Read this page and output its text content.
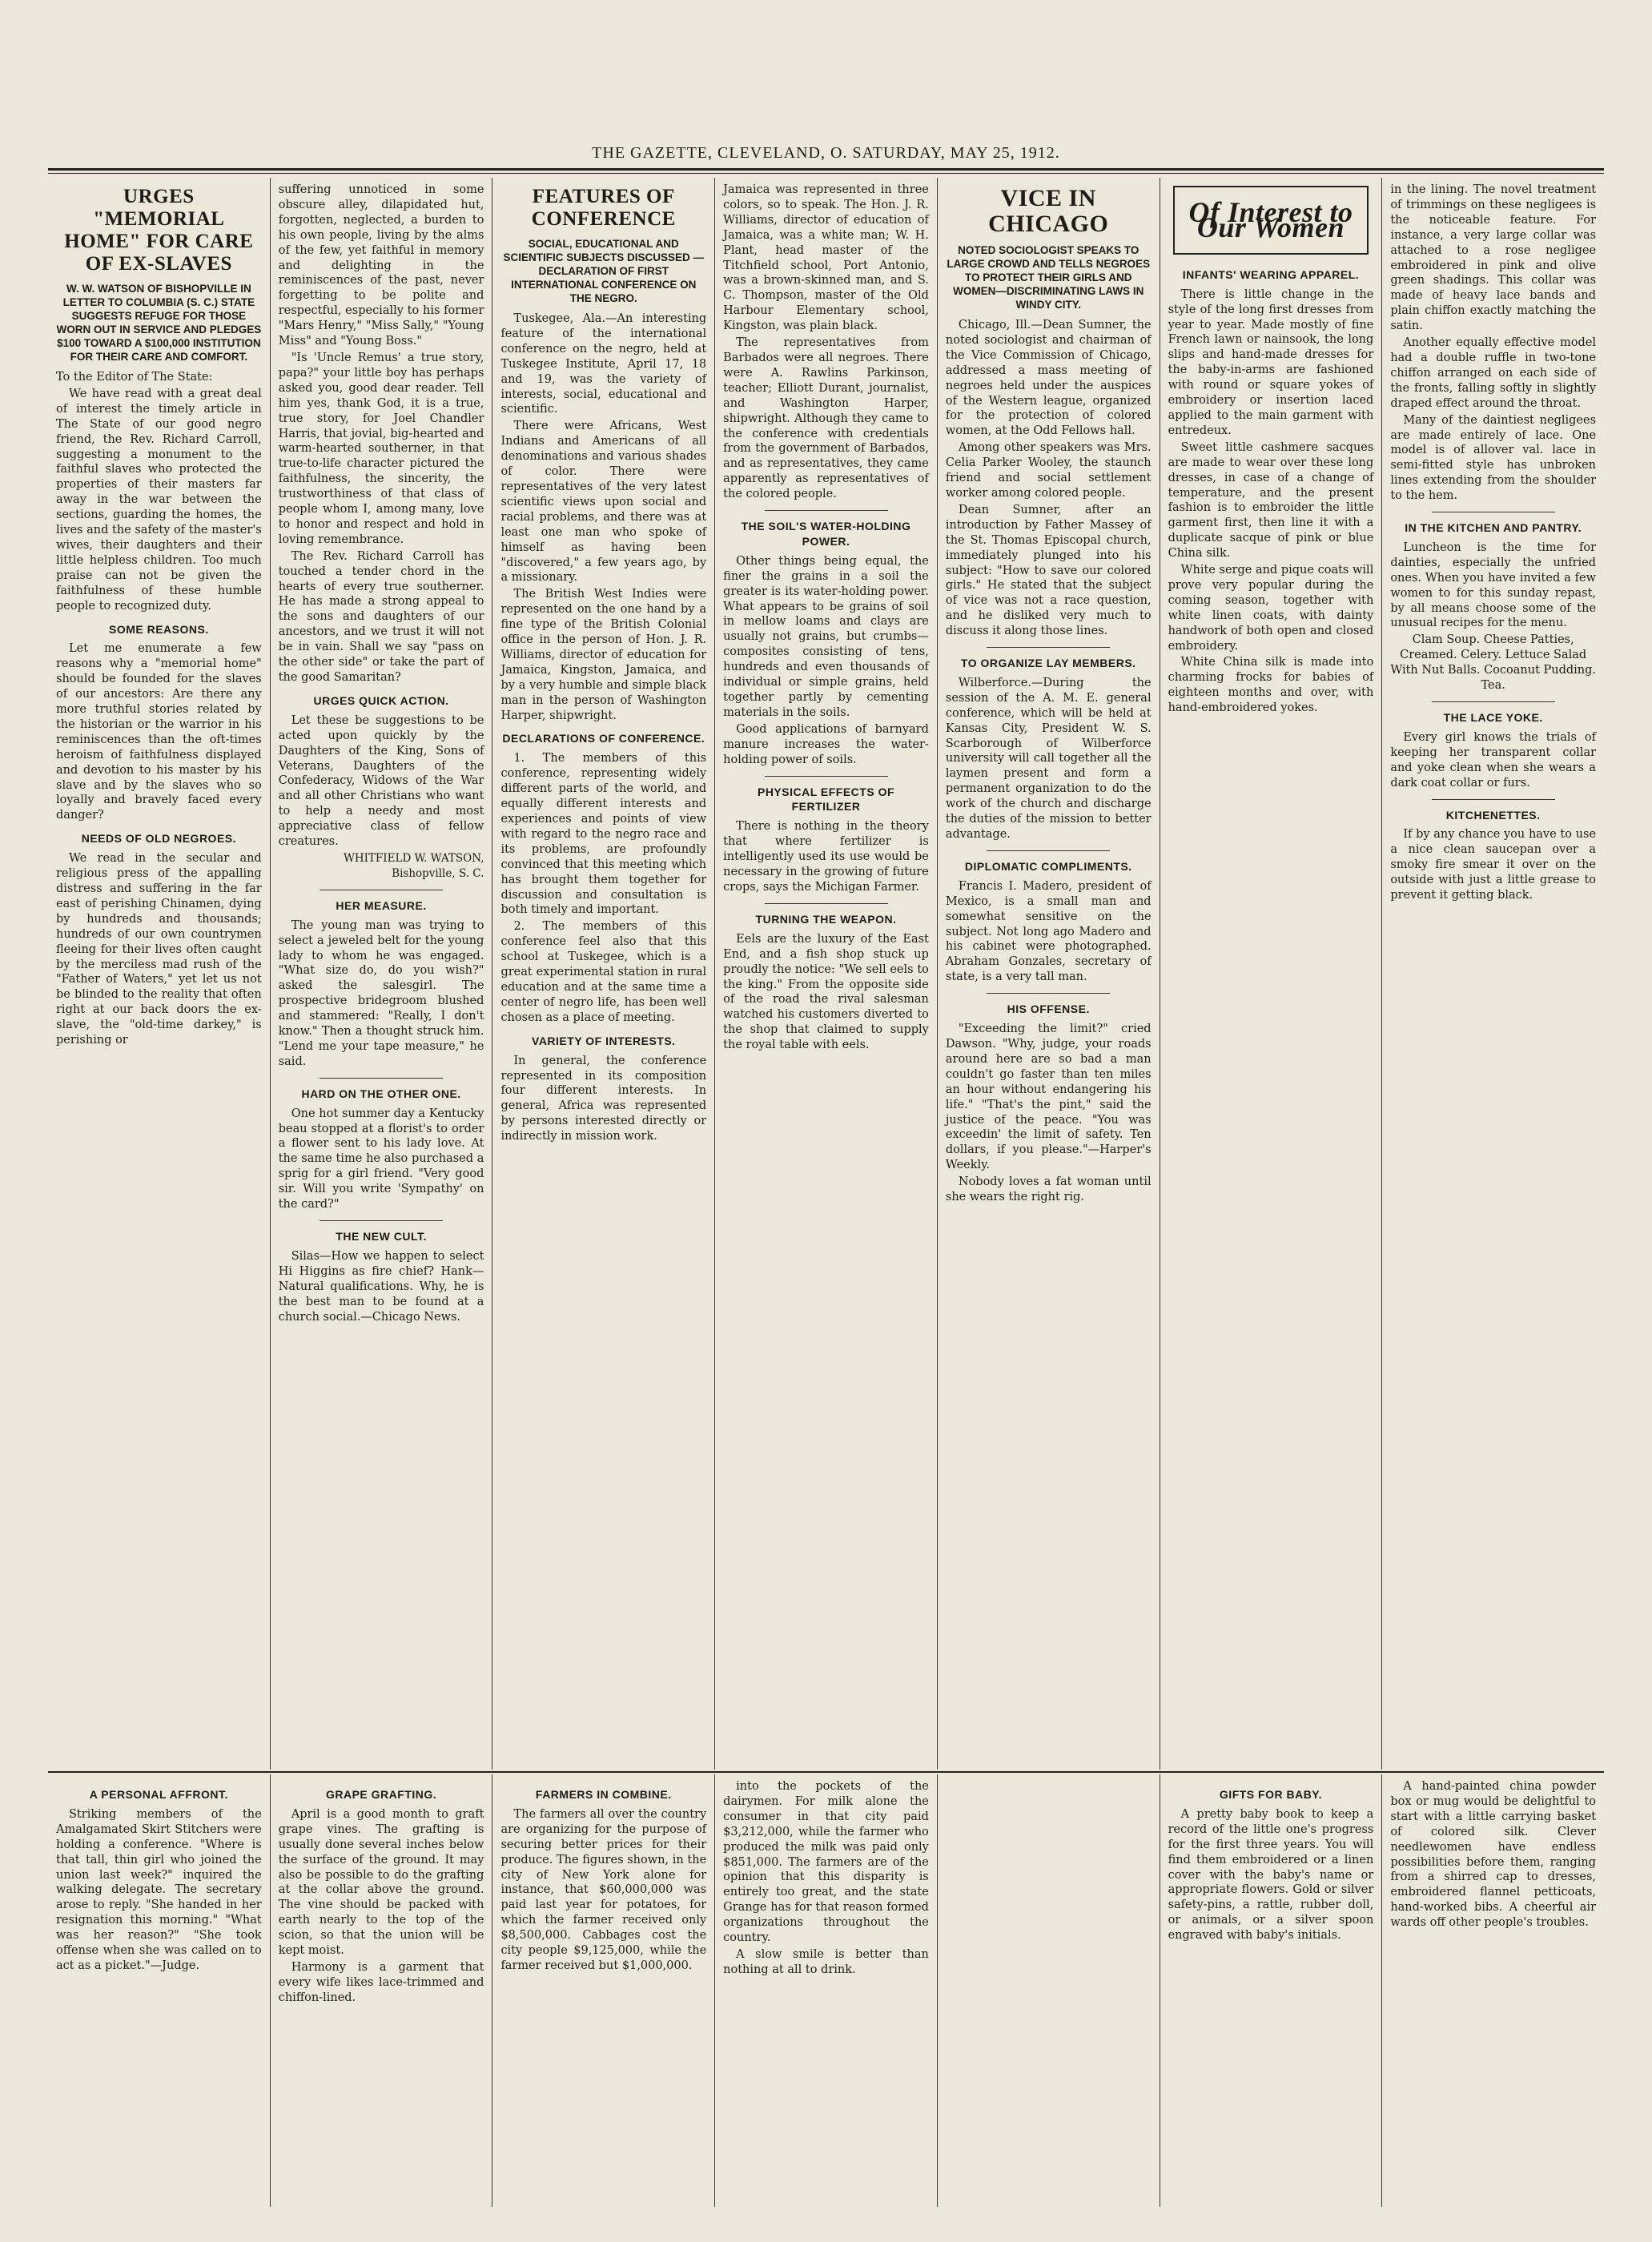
THE GAZETTE, CLEVELAND, O. SATURDAY, MAY 25, 1912.
URGES "MEMORIAL HOME" FOR CARE OF EX-SLAVES
W. W. WATSON OF BISHOPVILLE IN LETTER TO COLUMBIA (S. C.) STATE SUGGESTS REFUGE FOR THOSE WORN OUT IN SERVICE AND PLEDGES $100 TOWARD A $100,000 INSTITUTION FOR THEIR CARE AND COMFORT.

To the Editor of The State:

We have read with a great deal of interest the timely article in The State of our good negro friend, the Rev. Richard Carroll, suggesting a monument to the faithful slaves who protected the properties of their masters far away in the war between the sections, guarding the homes, the lives and the safety of the master's wives, their daughters and their little helpless children. Too much praise can not be given the faithfulness of these humble people to recognized duty.

SOME REASONS.

Let me enumerate a few reasons why a "memorial home" should be founded for the slaves of our ancestors: Are there any more truthful stories related by the historian or the warrior in his reminiscences than the oft-times heroism of faithfulness displayed and devotion to his master by his slave and by the slaves who so loyally and bravely faced every danger?

NEEDS OF OLD NEGROES.

We read in the secular and religious press of the appalling distress and suffering in the far east of perishing Chinamen, dying by hundreds and thousands; hundreds of our own countrymen fleeing for their lives often caught by the merciless mad rush of the "Father of Waters," yet let us not be blinded to the reality that often right at our back doors the ex-slave, the "old-time darkey," is perishing or

suffering unnoticed in some obscure alley, dilapidated hut, forgotten, neglected, a burden to his own people, living by the alms of the few, yet faithful in memory and delighting in the reminiscences of the past, never forgetting to be polite and respectful, especially to his former "Mars Henry," "Miss Sally," "Young Miss" and "Young Boss."

"Is 'Uncle Remus' a true story, papa?" your little boy has perhaps asked you, good dear reader. Tell him yes, thank God, it is a true, true story, for Joel Chandler Harris, that jovial, big-hearted and warm-hearted southerner, in that true-to-life character pictured the faithfulness, the sincerity, the trustworthiness of that class of people whom I, among many, love to honor and respect and hold in loving remembrance.

The Rev. Richard Carroll has touched a tender chord in the hearts of every true southerner. He has made a strong appeal to the sons and daughters of our ancestors, and we trust it will not be in vain. Shall we say "pass on the other side" or take the part of the good Samaritan?

URGES QUICK ACTION.

Let these be suggestions to be acted upon quickly by the Daughters of the King, Sons of Veterans, Daughters of the Confederacy, Widows of the War and all other Christians who want to help a needy and most appreciative class of fellow creatures.

WHITFIELD W. WATSON, Bishopville, S. C.
HER MEASURE.

The young man was trying to select a jeweled belt for the young lady to whom he was engaged. "What size do, do you wish?" asked the salesgirl. The prospective bridegroom blushed and stammered: "Really, I don't know." Then a thought struck him. "Lend me your tape measure," he said.

HARD ON THE OTHER ONE.

One hot summer day a Kentucky beau stopped at a florist's to order a flower sent to his lady love. At the same time he also purchased a sprig for a girl friend. "Very good sir. Will you write 'Sympathy' on the card?"

THE NEW CULT.

Silas—How we happen to select Hi Higgins as fire chief? Hank—Natural qualifications. Why, he is the best man to be found at a church social.—Chicago News.

FEATURES OF CONFERENCE
SOCIAL, EDUCATIONAL AND SCIENTIFIC SUBJECTS DISCUSSED — DECLARATION OF FIRST INTERNATIONAL CONFERENCE ON THE NEGRO.

Tuskegee, Ala.—An interesting feature of the international conference on the negro, held at Tuskegee Institute, April 17, 18 and 19, was the variety of interests, social, educational and scientific.

There were Africans, West Indians and Americans of all denominations and various shades of color. There were representatives of the very latest scientific views upon social and racial problems, and there was at least one man who spoke of himself as having been "discovered," a few years ago, by a missionary.

The British West Indies were represented on the one hand by a fine type of the British Colonial office in the person of Hon. J. R. Williams, director of education for Jamaica, Kingston, Jamaica, and by a very humble and simple black man in the person of Washington Harper, shipwright.

DECLARATIONS OF CONFERENCE.

1. The members of this conference, representing widely different parts of the world, and equally different interests and experiences and points of view with regard to the negro race and its problems, are profoundly convinced that this meeting which has brought them together for discussion and consultation is both timely and important.

2. The members of this conference feel also that this school at Tuskegee, which is a great experimental station in rural education and at the same time a center of negro life, has been well chosen as a place of meeting.

VARIETY OF INTERESTS.

In general, the conference represented in its composition four different interests. In general, Africa was represented by persons interested directly or indirectly in mission work.

Jamaica was represented in three colors, so to speak. The Hon. J. R. Williams, director of education of Jamaica, was a white man; W. H. Plant, head master of the Titchfield school, Port Antonio, was a brown-skinned man, and S. C. Thompson, master of the Old Harbour Elementary school, Kingston, was plain black.

The representatives from Barbados were all negroes. There were A. Rawlins Parkinson, teacher; Elliott Durant, journalist, and Washington Harper, shipwright. Although they came to the conference with credentials from the government of Barbados, and as representatives, they came apparently as representatives of the colored people.

THE SOIL'S WATER-HOLDING POWER.

Other things being equal, the finer the grains in a soil the greater is its water-holding power. What appears to be grains of soil in mellow loams and clays are usually not grains, but crumbs—composites consisting of tens, hundreds and even thousands of individual or simple grains, held together partly by cementing materials in the soils.

Good applications of barnyard manure increases the water-holding power of soils.

PHYSICAL EFFECTS OF FERTILIZER

There is nothing in the theory that where fertilizer is intelligently used its use would be necessary in the growing of future crops, says the Michigan Farmer.

TURNING THE WEAPON.

Eels are the luxury of the East End, and a fish shop stuck up proudly the notice: "We sell eels to the king." From the opposite side of the road the rival salesman watched his customers diverted to the shop that claimed to supply the royal table with eels.

VICE IN CHICAGO
NOTED SOCIOLOGIST SPEAKS TO LARGE CROWD AND TELLS NEGROES TO PROTECT THEIR GIRLS AND WOMEN—DISCRIMINATING LAWS IN WINDY CITY.

Chicago, Ill.—Dean Sumner, the noted sociologist and chairman of the Vice Commission of Chicago, addressed a mass meeting of negroes held under the auspices of the Western league, organized for the protection of colored women, at the Odd Fellows hall.

Among other speakers was Mrs. Celia Parker Wooley, the staunch friend and social settlement worker among colored people.

Dean Sumner, after an introduction by Father Massey of the St. Thomas Episcopal church, immediately plunged into his subject: "How to save our colored girls." He stated that the subject of vice was not a race question, and he disliked very much to discuss it along those lines.

TO ORGANIZE LAY MEMBERS.

Wilberforce.—During the session of the A. M. E. general conference, which will be held at Kansas City, President W. S. Scarborough of Wilberforce university will call together all the laymen present and form a permanent organization to do the work of the church and discharge the duties of the mission to better advantage.

DIPLOMATIC COMPLIMENTS.

Francis I. Madero, president of Mexico, is a small man and somewhat sensitive on the subject. Not long ago Madero and his cabinet were photographed. Abraham Gonzales, secretary of state, is a very tall man.

HIS OFFENSE.

"Exceeding the limit?" cried Dawson. "Why, judge, your roads around here are so bad a man couldn't go faster than ten miles an hour without endangering his life." "That's the pint," said the justice of the peace. "You was exceedin' the limit of safety. Ten dollars, if you please."—Harper's Weekly.

Nobody loves a fat woman until she wears the right rig.

Of Interest to Our Women
INFANTS' WEARING APPAREL.

There is little change in the style of the long first dresses from year to year. Made mostly of fine French lawn or nainsook, the long slips and hand-made dresses for the baby-in-arms are fashioned with round or square yokes of embroidery or insertion laced applied to the main garment with entredeux.

Sweet little cashmere sacques are made to wear over these long dresses, in case of a change of temperature, and the present fashion is to embroider the little garment first, then line it with a duplicate sacque of pink or blue China silk.

White serge and pique coats will prove very popular during the coming season, together with white linen coats, with dainty handwork of both open and closed embroidery.

White China silk is made into charming frocks for babies of eighteen months and over, with hand-embroidered yokes.

in the lining. The novel treatment of trimmings on these negligees is the noticeable feature. For instance, a very large collar was attached to a rose negligee embroidered in pink and olive green shadings. This collar was made of heavy lace bands and plain chiffon exactly matching the satin.

Another equally effective model had a double ruffle in two-tone chiffon arranged on each side of the fronts, falling softly in slightly draped effect around the throat.

Many of the daintiest negligees are made entirely of lace. One model is of allover val. lace in semi-fitted style has unbroken lines extending from the shoulder to the hem.

IN THE KITCHEN AND PANTRY.

Luncheon is the time for dainties, especially the unfried ones. When you have invited a few women to for this sunday repast, by all means choose some of the unusual recipes for the menu.

Clam Soup. Cheese Patties, Creamed. Celery. Lettuce Salad With Nut Balls. Cocoanut Pudding. Tea.

THE LACE YOKE.

Every girl knows the trials of keeping her transparent collar and yoke clean when she wears a dark coat collar or furs.

KITCHENETTES.

If by any chance you have to use a nice clean saucepan over a smoky fire smear it over on the outside with just a little grease to prevent it getting black.

A PERSONAL AFFRONT.

Striking members of the Amalgamated Skirt Stitchers were holding a conference. "Where is that tall, thin girl who joined the union last week?" inquired the walking delegate. The secretary arose to reply. "She handed in her resignation this morning." "What was her reason?" "She took offense when she was called on to act as a picket."—Judge.

GRAPE GRAFTING.

April is a good month to graft grape vines. The grafting is usually done several inches below the surface of the ground. It may also be possible to do the grafting at the collar above the ground. The vine should be packed with earth nearly to the top of the scion, so that the union will be kept moist.

Harmony is a garment that every wife likes lace-trimmed and chiffon-lined.

FARMERS IN COMBINE.

The farmers all over the country are organizing for the purpose of securing better prices for their produce. The figures shown, in the city of New York alone for instance, that $60,000,000 was paid last year for potatoes, for which the farmer received only $8,500,000. Cabbages cost the city people $9,125,000, while the farmer received but $1,000,000.

into the pockets of the dairymen. For milk alone the consumer in that city paid $3,212,000, while the farmer who produced the milk was paid only $851,000. The farmers are of the opinion that this disparity is entirely too great, and the state Grange has for that reason formed organizations throughout the country.

A slow smile is better than nothing at all to drink.

GIFTS FOR BABY.

A pretty baby book to keep a record of the little one's progress for the first three years. You will find them embroidered or a linen cover with the baby's name or appropriate flowers. Gold or silver safety-pins, a rattle, rubber doll, or animals, or a silver spoon engraved with baby's initials.

A hand-painted china powder box or mug would be delightful to start with a little carrying basket of colored silk. Clever needlewomen have endless possibilities before them, ranging from a shirred cap to dresses, embroidered flannel petticoats, hand-worked bibs. A cheerful air wards off other people's troubles.
